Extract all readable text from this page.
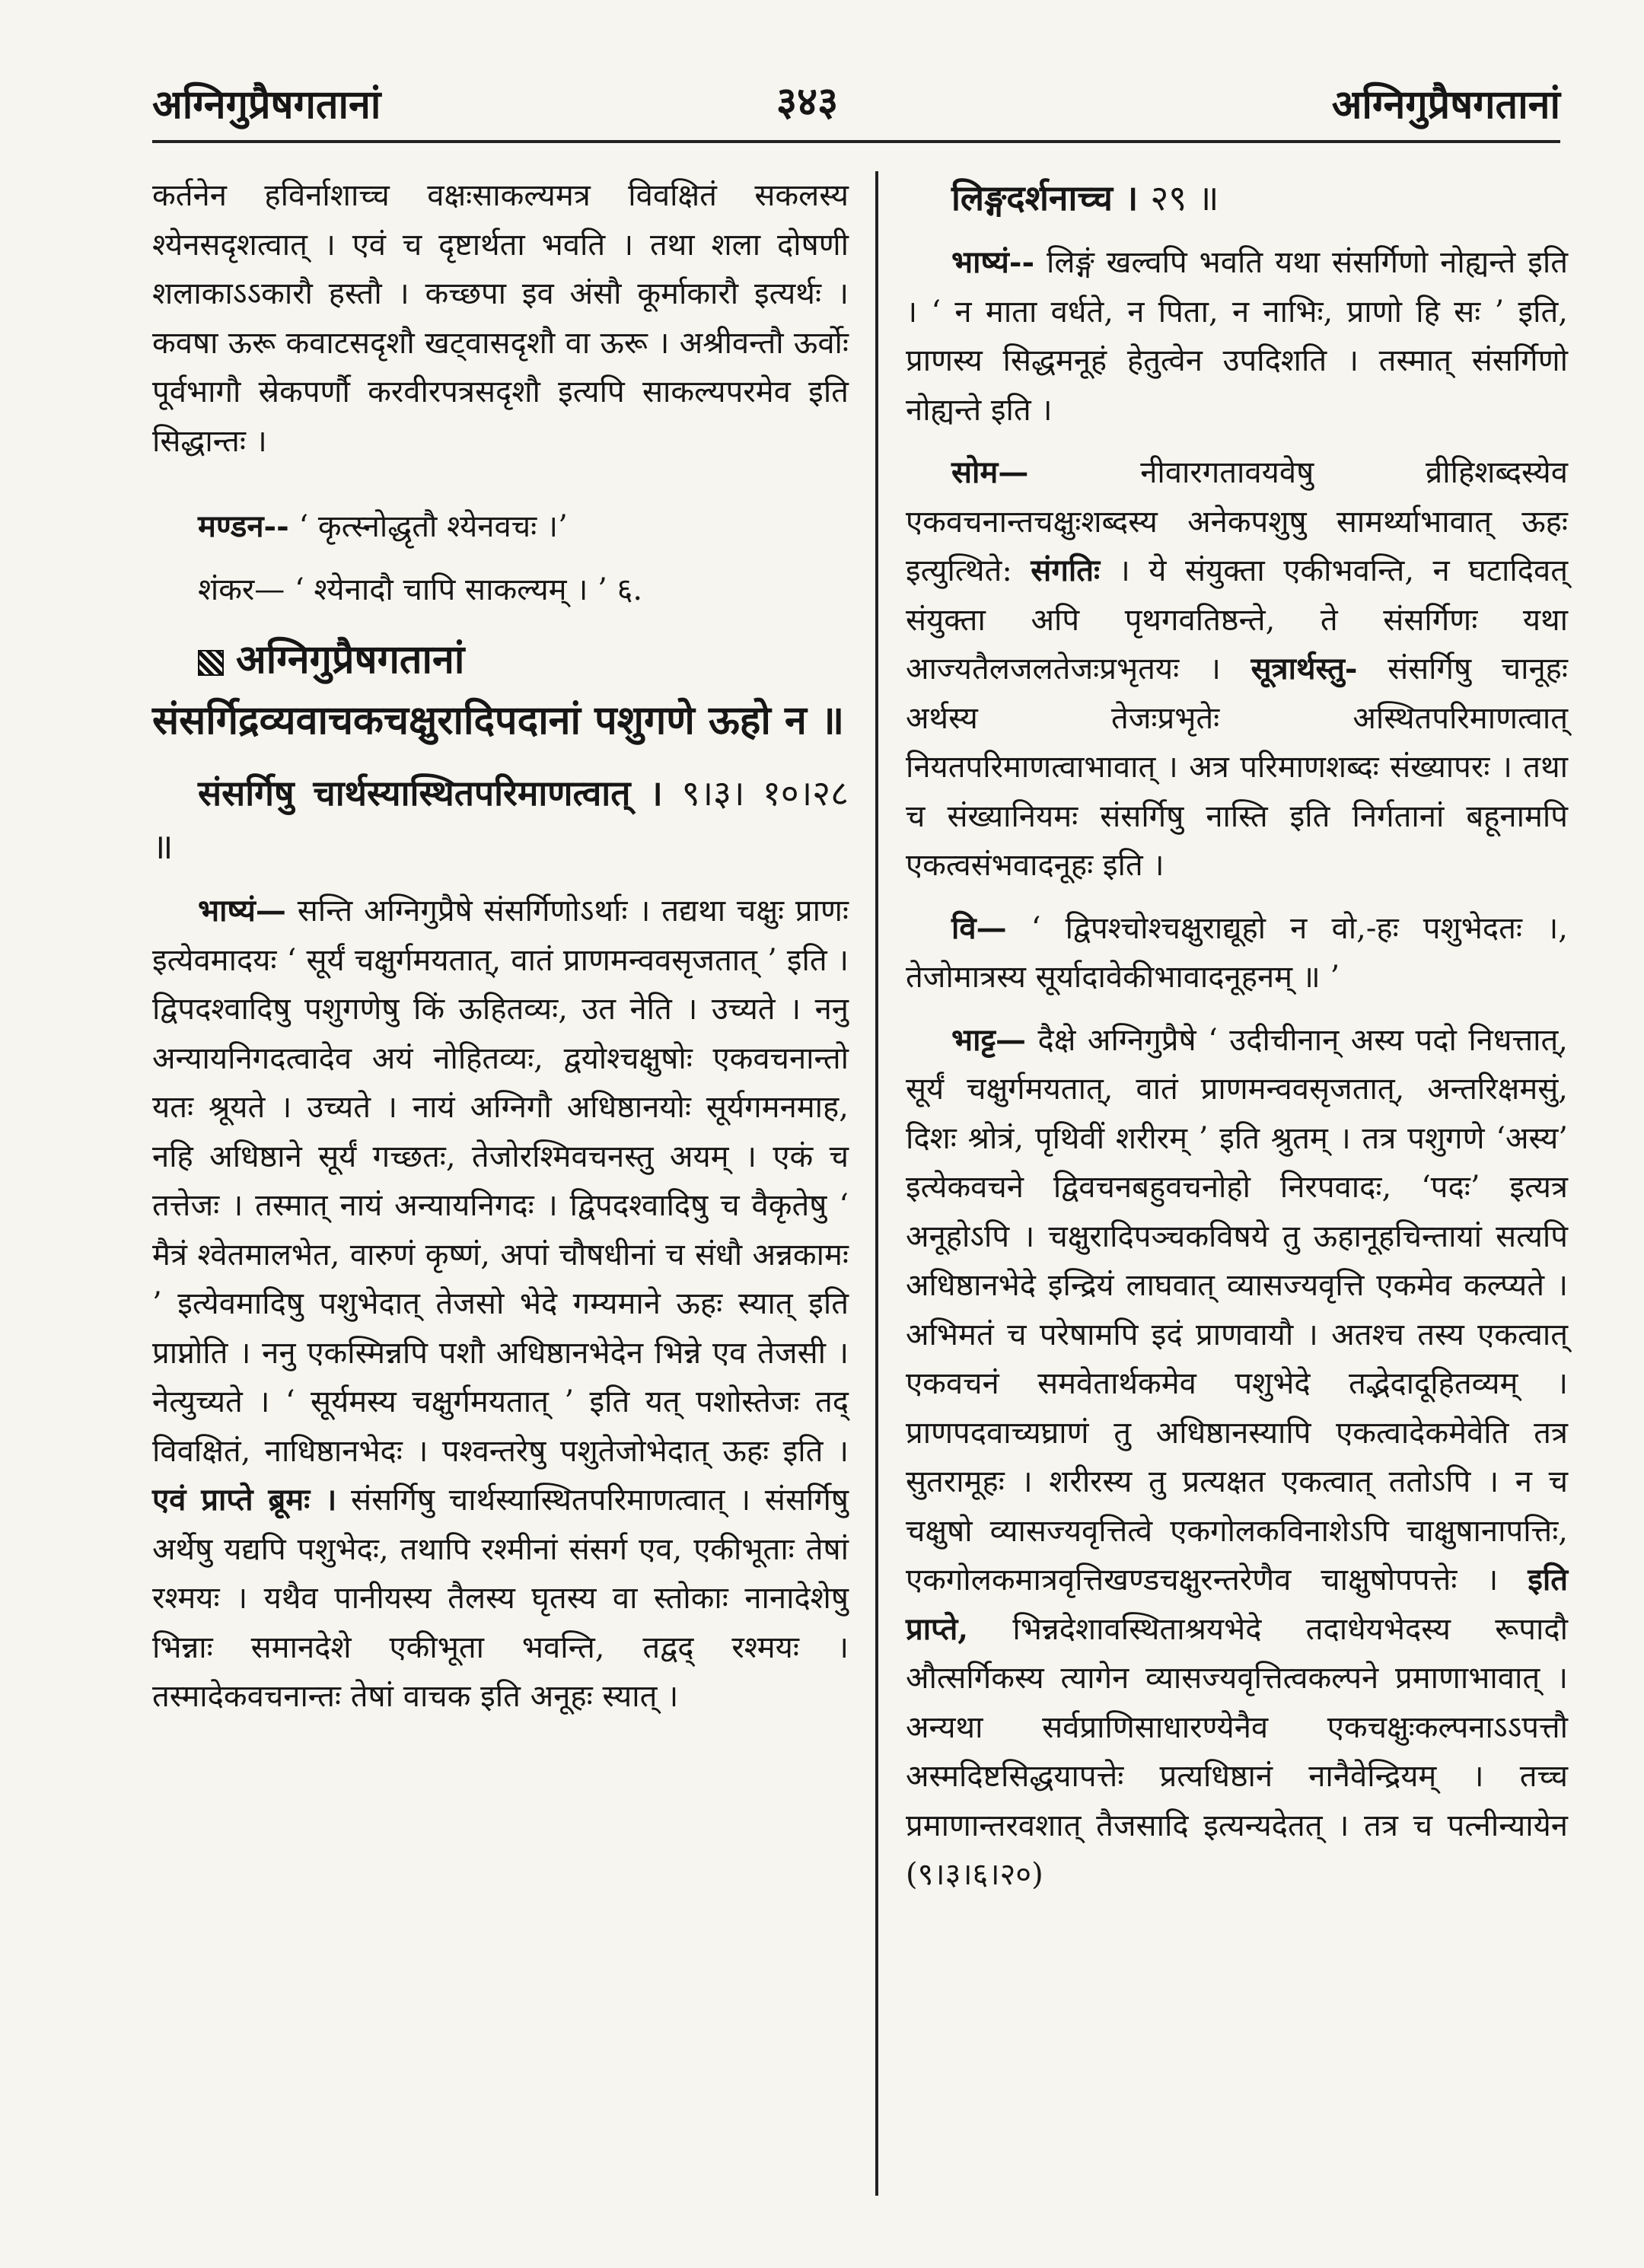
अग्निगुप्रैषगतानां	३४३	अग्निगुप्रैषगतानां

कर्तनेन हविर्नाशाच्च वक्षःसाकल्यमत्र विवक्षितं सकलस्य श्येनसदृशत्वात् । एवं च दृष्टार्थता भवति । तथा शला दोषणी शलाकाऽऽकारौ हस्तौ । कच्छपा इव अंसौ कूर्माकारौ इत्यर्थः । कवषा ऊरू कवाटसदृशौ खट्वासदृशौ वा ऊरू । अश्रीवन्तौ ऊर्वोः पूर्वभागौ स्रेकपर्णौ करवीरपत्रसदृशौ इत्यपि साकल्यपरमेव इति सिद्धान्तः ।

मण्डन-- ‘ कृत्स्नोद्धृतौ श्येनवचः ।’

शंकर— ‘ श्येनादौ चापि साकल्यम् । ’ ६.

अग्निगुप्रैषगतानां संसर्गिद्रव्यवाचकचक्षुरादिपदानां पशुगणे ऊहो न ॥

संसर्गिषु चार्थस्यास्थितपरिमाणत्वात् । ९।३। १०।२८ ॥

भाष्यं— सन्ति अग्निगुप्रैषे संसर्गिणोऽर्थाः । तद्यथा चक्षुः प्राणः इत्येवमादयः ‘ सूर्यं चक्षुर्गमयतात्, वातं प्राणमन्ववसृजतात् ’ इति । द्विपदश्वादिषु पशुगणेषु किं ऊहितव्यः, उत नेति । उच्यते । ननु अन्यायनिगदत्वादेव अयं नोहितव्यः, द्वयोश्चक्षुषोः एकवचनान्तो यतः श्रूयते । उच्यते । नायं अग्निगौ अधिष्ठानयोः सूर्यगमनमाह, नहि अधिष्ठाने सूर्यं गच्छतः, तेजोरश्मिवचनस्तु अयम् । एकं च तत्तेजः । तस्मात् नायं अन्यायनिगदः । द्विपदश्वादिषु च वैकृतेषु ‘ मैत्रं श्वेतमालभेत, वारुणं कृष्णं, अपां चौषधीनां च संधौ अन्नकामः ’ इत्येवमादिषु पशुभेदात् तेजसो भेदे गम्यमाने ऊहः स्यात् इति प्राप्नोति । ननु एकस्मिन्नपि पशौ अधिष्ठानभेदेन भिन्ने एव तेजसी । नेत्युच्यते । ‘ सूर्यमस्य चक्षुर्गमयतात् ’ इति यत् पशोस्तेजः तद् विवक्षितं, नाधिष्ठानभेदः । पश्वन्तरेषु पशुतेजोभेदात् ऊहः इति । एवं प्राप्ते ब्रूमः । संसर्गिषु चार्थस्यास्थितपरिमाणत्वात् । संसर्गिषु अर्थेषु यद्यपि पशुभेदः, तथापि रश्मीनां संसर्ग एव, एकीभूताः तेषां रश्मयः । यथैव पानीयस्य तैलस्य घृतस्य वा स्तोकाः नानादेशेषु भिन्नाः समानदेशे एकीभूता भवन्ति, तद्वद् रश्मयः । तस्मादेकवचनान्तः तेषां वाचक इति अनूहः स्यात् ।

लिङ्गदर्शनाच्च । २९ ॥

भाष्यं-- लिङ्गं खल्वपि भवति यथा संसर्गिणो नोह्यन्ते इति । ‘ न माता वर्धते, न पिता, न नाभिः, प्राणो हि सः ’ इति, प्राणस्य सिद्धमनूहं हेतुत्वेन उपदिशति । तस्मात् संसर्गिणो नोह्यन्ते इति ।

सोम—	नीवारगतावयवेषु व्रीहिशब्दस्येव एकवचनान्तचक्षुःशब्दस्य अनेकपशुषु सामर्थ्याभावात् ऊहः इत्युत्थिते: संगतिः । ये संयुक्ता एकीभवन्ति, न घटादिवत् संयुक्ता अपि पृथगवतिष्ठन्ते, ते संसर्गिणः यथा आज्यतैलजलतेजःप्रभृतयः । सूत्रार्थस्तु- संसर्गिषु चानूहः अर्थस्य तेजःप्रभृतेः अस्थितपरिमाणत्वात् नियतपरिमाणत्वाभावात् । अत्र परिमाणशब्दः संख्यापरः । तथा च संख्यानियमः संसर्गिषु नास्ति इति निर्गतानां बहूनामपि एकत्वसंभवादनूहः इति ।

वि— ‘ द्विपश्चोश्चक्षुराद्यूहो न वो,-हः पशुभेदतः ।, तेजोमात्रस्य सूर्यादावेकीभावादनूहनम् ॥ ’

भाट्ट— दैक्षे अग्निगुप्रैषे ‘ उदीचीनान् अस्य पदो निधत्तात्, सूर्यं चक्षुर्गमयतात्, वातं प्राणमन्ववसृजतात्, अन्तरिक्षमसुं, दिशः श्रोत्रं, पृथिवीं शरीरम् ’ इति श्रुतम् । तत्र पशुगणे ‘अस्य’ इत्येकवचने द्विवचनबहुवचनोहो निरपवादः, ‘पदः’ इत्यत्र अनूहोऽपि । चक्षुरादिपञ्चकविषये तु ऊहानूहचिन्तायां सत्यपि अधिष्ठानभेदे इन्द्रियं लाघवात् व्यासज्यवृत्ति एकमेव कल्प्यते । अभिमतं च परेषामपि इदं प्राणवायौ । अतश्च तस्य एकत्वात् एकवचनं समवेतार्थकमेव पशुभेदे तद्भेदादूहितव्यम् । प्राणपदवाच्यघ्राणं तु अधिष्ठानस्यापि एकत्वादेकमेवेति तत्र सुतरामूहः । शरीरस्य तु प्रत्यक्षत एकत्वात् ततोऽपि । न च चक्षुषो व्यासज्यवृत्तित्वे एकगोलकविनाशेऽपि चाक्षुषानापत्तिः, एकगोलकमात्रवृत्तिखण्डचक्षुरन्तरेणैव चाक्षुषोपपत्तेः । इति प्राप्ते, भिन्नदेशावस्थिताश्रयभेदे तदाधेयभेदस्य रूपादौ औत्सर्गिकस्य त्यागेन व्यासज्यवृत्तित्वकल्पने प्रमाणाभावात् । अन्यथा सर्वप्राणिसाधारण्येनैव एकचक्षुःकल्पनाऽऽपत्तौ अस्मदिष्टसिद्धयापत्तेः प्रत्यधिष्ठानं नानैवेन्द्रियम् । तच्च प्रमाणान्तरवशात् तैजसादि इत्यन्यदेतत् । तत्र च पत्नीन्यायेन (९।३।६।२०)
